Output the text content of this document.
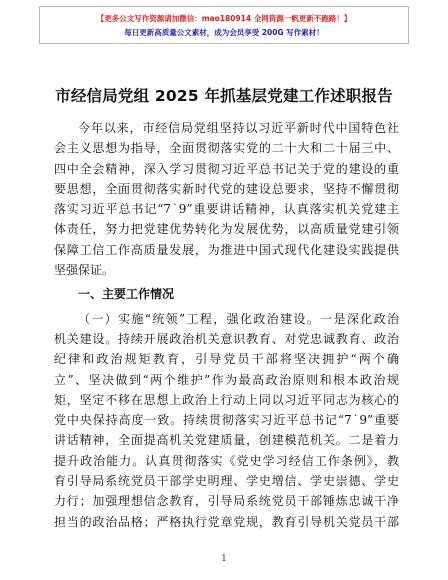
【更多公文写作资源请加微信：mao180914 全网资源一帆更新不跑路！】
每日更新高质量公文素材，成为会员享受 200G 写作素材！
市经信局党组 2025 年抓基层党建工作述职报告
今年以来，市经信局党组坚持以习近平新时代中国特色社
会主义思想为指导，全面贯彻落实党的二十大和二十届三中、
四中全会精神，深入学习贯彻习近平总书记关于党的建设的重
要思想，全面贯彻落实新时代党的建设总要求，坚持不懈贯彻
落实习近平总书记“7˙9”重要讲话精神，认真落实机关党建主
体责任，努力把党建优势转化为发展优势，以高质量党建引领
保障工信工作高质量发展，为推进中国式现代化建设实践提供
坚强保证。
一、主要工作情况
（一）实施“统领”工程，强化政治建设。一是深化政治
机关建设。持续开展政治机关意识教育、对党忠诚教育、政治
纪律和政治规矩教育，引导党员干部将坚决拥护“两个确
立”、坚决做到“两个维护”作为最高政治原则和根本政治规
矩，坚定不移在思想上政治上行动上同以习近平同志为核心的
党中央保持高度一致。持续贯彻落实习近平总书记“7˙9”重要
讲话精神，全面提高机关党建质量，创建模范机关。二是着力
提升政治能力。认真贯彻落实《党史学习经信工作条例》，教
育引导局系统党员干部学史明理、学史增信、学史崇德、学史
力行；加强理想信念教育，引导局系统党员干部锤炼忠诚干净
担当的政治品格；严格执行党章党规，教育引导机关党员干部
1
